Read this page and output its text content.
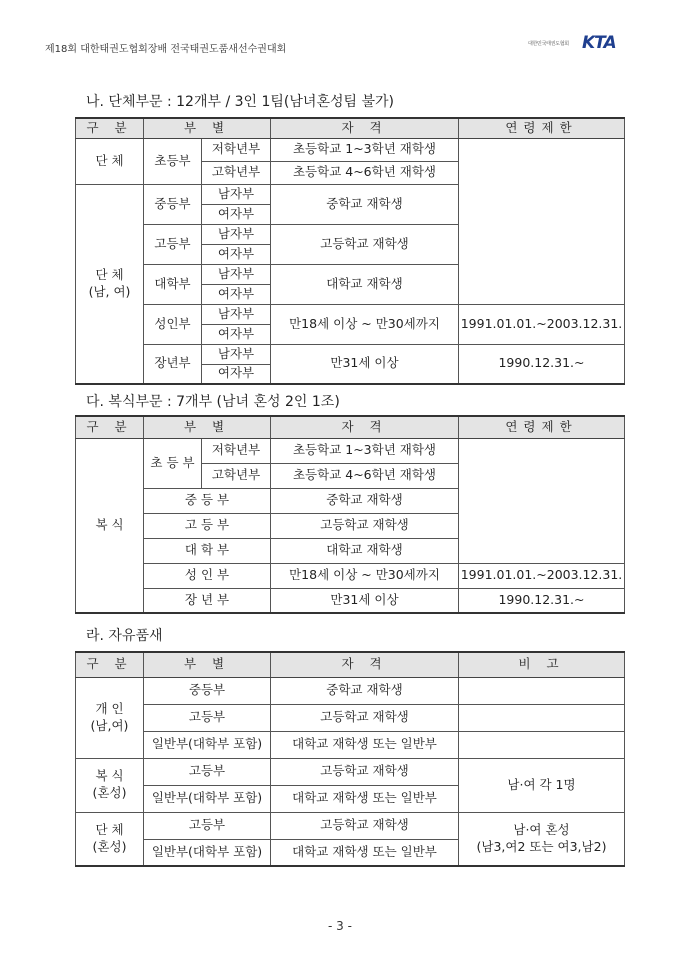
제18회 대한태권도협회장배 전국태권도품새선수권대회	대한민국태권도협회 KTA
나. 단체부문 : 12개부 / 3인 1팀(남녀혼성팀 불가)
구 분	부 별		자 격	연령제한
단 체	초등부	저학년부	초등학교 1~3학년 재학생	
		고학년부	초등학교 4~6학년 재학생	
단 체
(남, 여)	중등부	남자부	중학교 재학생	
		여자부		
	고등부	남자부	고등학교 재학생	
		여자부		
	대학부	남자부	대학교 재학생	
		여자부		
	성인부	남자부	만18세 이상 ~ 만30세까지	1991.01.01.~2003.12.31.
		여자부		
	장년부	남자부	만31세 이상	1990.12.31.~
		여자부		
다. 복식부문 : 7개부 (남녀 혼성 2인 1조)
구 분	부 별		자 격	연령제한
복 식	초 등 부	저학년부	초등학교 1~3학년 재학생	
		고학년부	초등학교 4~6학년 재학생	
	중 등 부		중학교 재학생	
	고 등 부		고등학교 재학생	
	대 학 부		대학교 재학생	
	성 인 부		만18세 이상 ~ 만30세까지	1991.01.01.~2003.12.31.
	장 년 부		만31세 이상	1990.12.31.~
라. 자유품새
구 분	부 별	자 격	비 고
개 인
(남,여)	중등부	중학교 재학생	
	고등부	고등학교 재학생	
	일반부(대학부 포함)	대학교 재학생 또는 일반부	
복 식
(혼성)	고등부	고등학교 재학생	남·여 각 1명
	일반부(대학부 포함)	대학교 재학생 또는 일반부	
단 체
(혼성)	고등부	고등학교 재학생	남·여 혼성
(남3,여2 또는 여3,남2)
	일반부(대학부 포함)	대학교 재학생 또는 일반부	
- 3 -
